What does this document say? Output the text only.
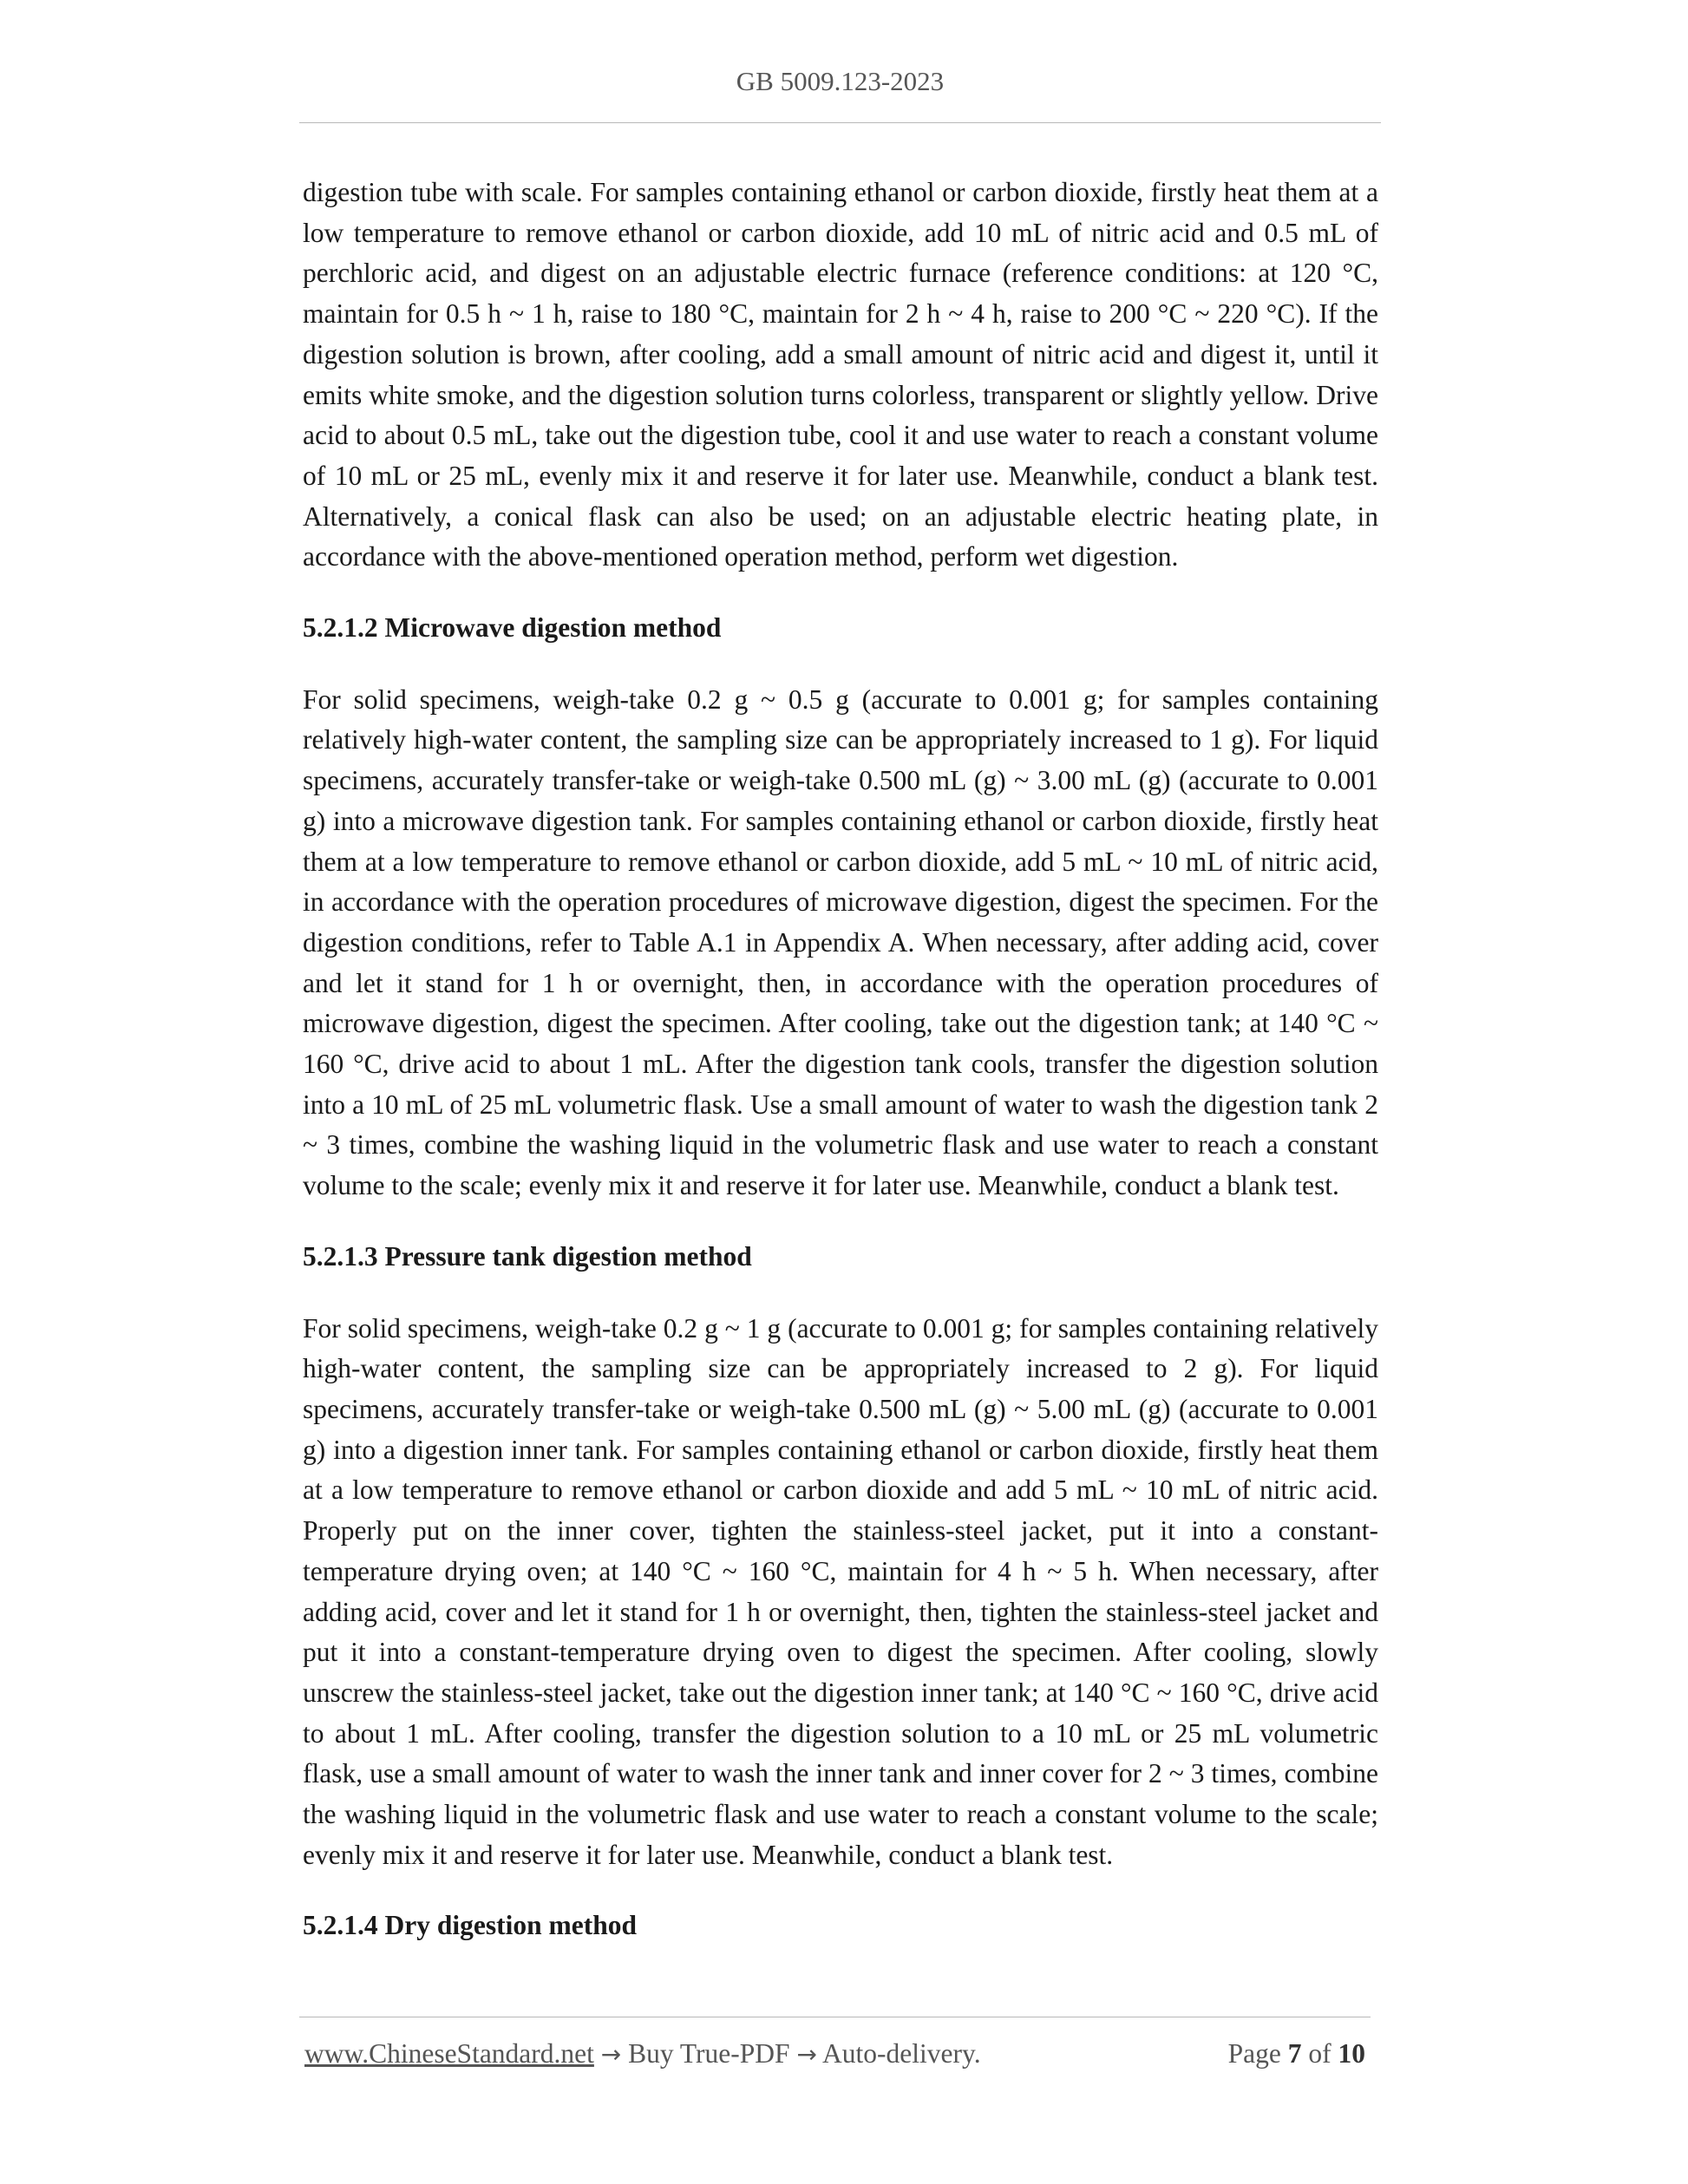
GB 5009.123-2023

digestion tube with scale. For samples containing ethanol or carbon dioxide, firstly heat them at a low temperature to remove ethanol or carbon dioxide, add 10 mL of nitric acid and 0.5 mL of perchloric acid, and digest on an adjustable electric furnace (reference conditions: at 120 °C, maintain for 0.5 h ~ 1 h, raise to 180 °C, maintain for 2 h ~ 4 h, raise to 200 °C ~ 220 °C). If the digestion solution is brown, after cooling, add a small amount of nitric acid and digest it, until it emits white smoke, and the digestion solution turns colorless, transparent or slightly yellow. Drive acid to about 0.5 mL, take out the digestion tube, cool it and use water to reach a constant volume of 10 mL or 25 mL, evenly mix it and reserve it for later use. Meanwhile, conduct a blank test. Alternatively, a conical flask can also be used; on an adjustable electric heating plate, in accordance with the above-mentioned operation method, perform wet digestion.

5.2.1.2 Microwave digestion method

For solid specimens, weigh-take 0.2 g ~ 0.5 g (accurate to 0.001 g; for samples containing relatively high-water content, the sampling size can be appropriately increased to 1 g). For liquid specimens, accurately transfer-take or weigh-take 0.500 mL (g) ~ 3.00 mL (g) (accurate to 0.001 g) into a microwave digestion tank. For samples containing ethanol or carbon dioxide, firstly heat them at a low temperature to remove ethanol or carbon dioxide, add 5 mL ~ 10 mL of nitric acid, in accordance with the operation procedures of microwave digestion, digest the specimen. For the digestion conditions, refer to Table A.1 in Appendix A. When necessary, after adding acid, cover and let it stand for 1 h or overnight, then, in accordance with the operation procedures of microwave digestion, digest the specimen. After cooling, take out the digestion tank; at 140 °C ~ 160 °C, drive acid to about 1 mL. After the digestion tank cools, transfer the digestion solution into a 10 mL of 25 mL volumetric flask. Use a small amount of water to wash the digestion tank 2 ~ 3 times, combine the washing liquid in the volumetric flask and use water to reach a constant volume to the scale; evenly mix it and reserve it for later use. Meanwhile, conduct a blank test.

5.2.1.3 Pressure tank digestion method

For solid specimens, weigh-take 0.2 g ~ 1 g (accurate to 0.001 g; for samples containing relatively high-water content, the sampling size can be appropriately increased to 2 g). For liquid specimens, accurately transfer-take or weigh-take 0.500 mL (g) ~ 5.00 mL (g) (accurate to 0.001 g) into a digestion inner tank. For samples containing ethanol or carbon dioxide, firstly heat them at a low temperature to remove ethanol or carbon dioxide and add 5 mL ~ 10 mL of nitric acid. Properly put on the inner cover, tighten the stainless-steel jacket, put it into a constant-temperature drying oven; at 140 °C ~ 160 °C, maintain for 4 h ~ 5 h. When necessary, after adding acid, cover and let it stand for 1 h or overnight, then, tighten the stainless-steel jacket and put it into a constant-temperature drying oven to digest the specimen. After cooling, slowly unscrew the stainless-steel jacket, take out the digestion inner tank; at 140 °C ~ 160 °C, drive acid to about 1 mL. After cooling, transfer the digestion solution to a 10 mL or 25 mL volumetric flask, use a small amount of water to wash the inner tank and inner cover for 2 ~ 3 times, combine the washing liquid in the volumetric flask and use water to reach a constant volume to the scale; evenly mix it and reserve it for later use. Meanwhile, conduct a blank test.

5.2.1.4 Dry digestion method
www.ChineseStandard.net → Buy True-PDF → Auto-delivery.	Page 7 of 10
